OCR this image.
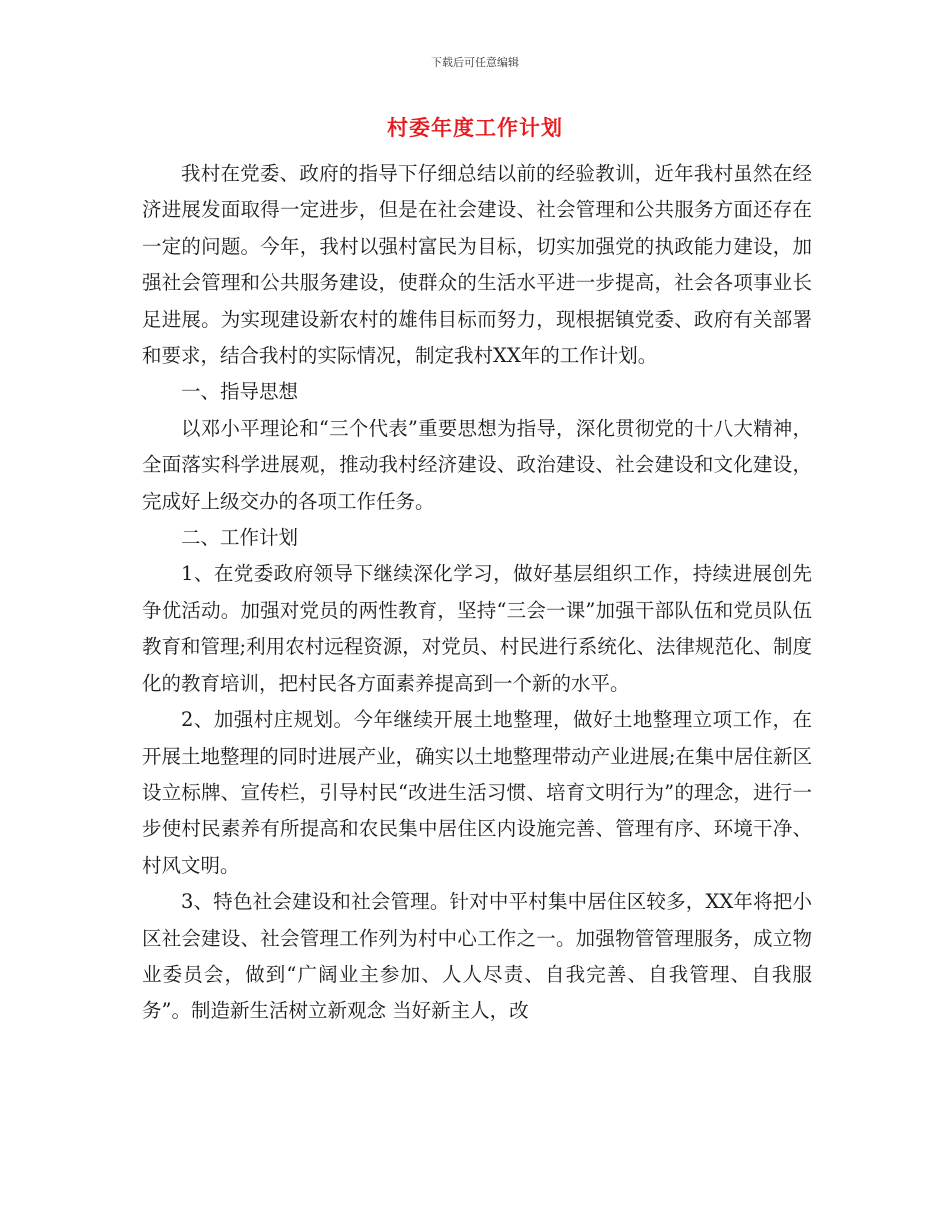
下载后可任意编辑
村委年度工作计划

我村在党委、政府的指导下仔细总结以前的经验教训，近年我村虽然在经济进展发面取得一定进步，但是在社会建设、社会管理和公共服务方面还存在一定的问题。今年，我村以强村富民为目标，切实加强党的执政能力建设，加强社会管理和公共服务建设，使群众的生活水平进一步提高，社会各项事业长足进展。为实现建设新农村的雄伟目标而努力，现根据镇党委、政府有关部署和要求，结合我村的实际情况，制定我村XX年的工作计划。

一、指导思想

以邓小平理论和“三个代表”重要思想为指导，深化贯彻党的十八大精神，全面落实科学进展观，推动我村经济建设、政治建设、社会建设和文化建设，完成好上级交办的各项工作任务。

二、工作计划

1、在党委政府领导下继续深化学习，做好基层组织工作，持续进展创先争优活动。加强对党员的两性教育，坚持“三会一课”加强干部队伍和党员队伍教育和管理;利用农村远程资源，对党员、村民进行系统化、法律规范化、制度化的教育培训，把村民各方面素养提高到一个新的水平。

2、加强村庄规划。今年继续开展土地整理，做好土地整理立项工作，在开展土地整理的同时进展产业，确实以土地整理带动产业进展;在集中居住新区设立标牌、宣传栏，引导村民“改进生活习惯、培育文明行为”的理念，进行一步使村民素养有所提高和农民集中居住区内设施完善、管理有序、环境干净、村风文明。

3、特色社会建设和社会管理。针对中平村集中居住区较多，XX年将把小区社会建设、社会管理工作列为村中心工作之一。加强物管管理服务，成立物业委员会，做到“广阔业主参加、人人尽责、自我完善、自我管理、自我服务”。制造新生活树立新观念 当好新主人，改
